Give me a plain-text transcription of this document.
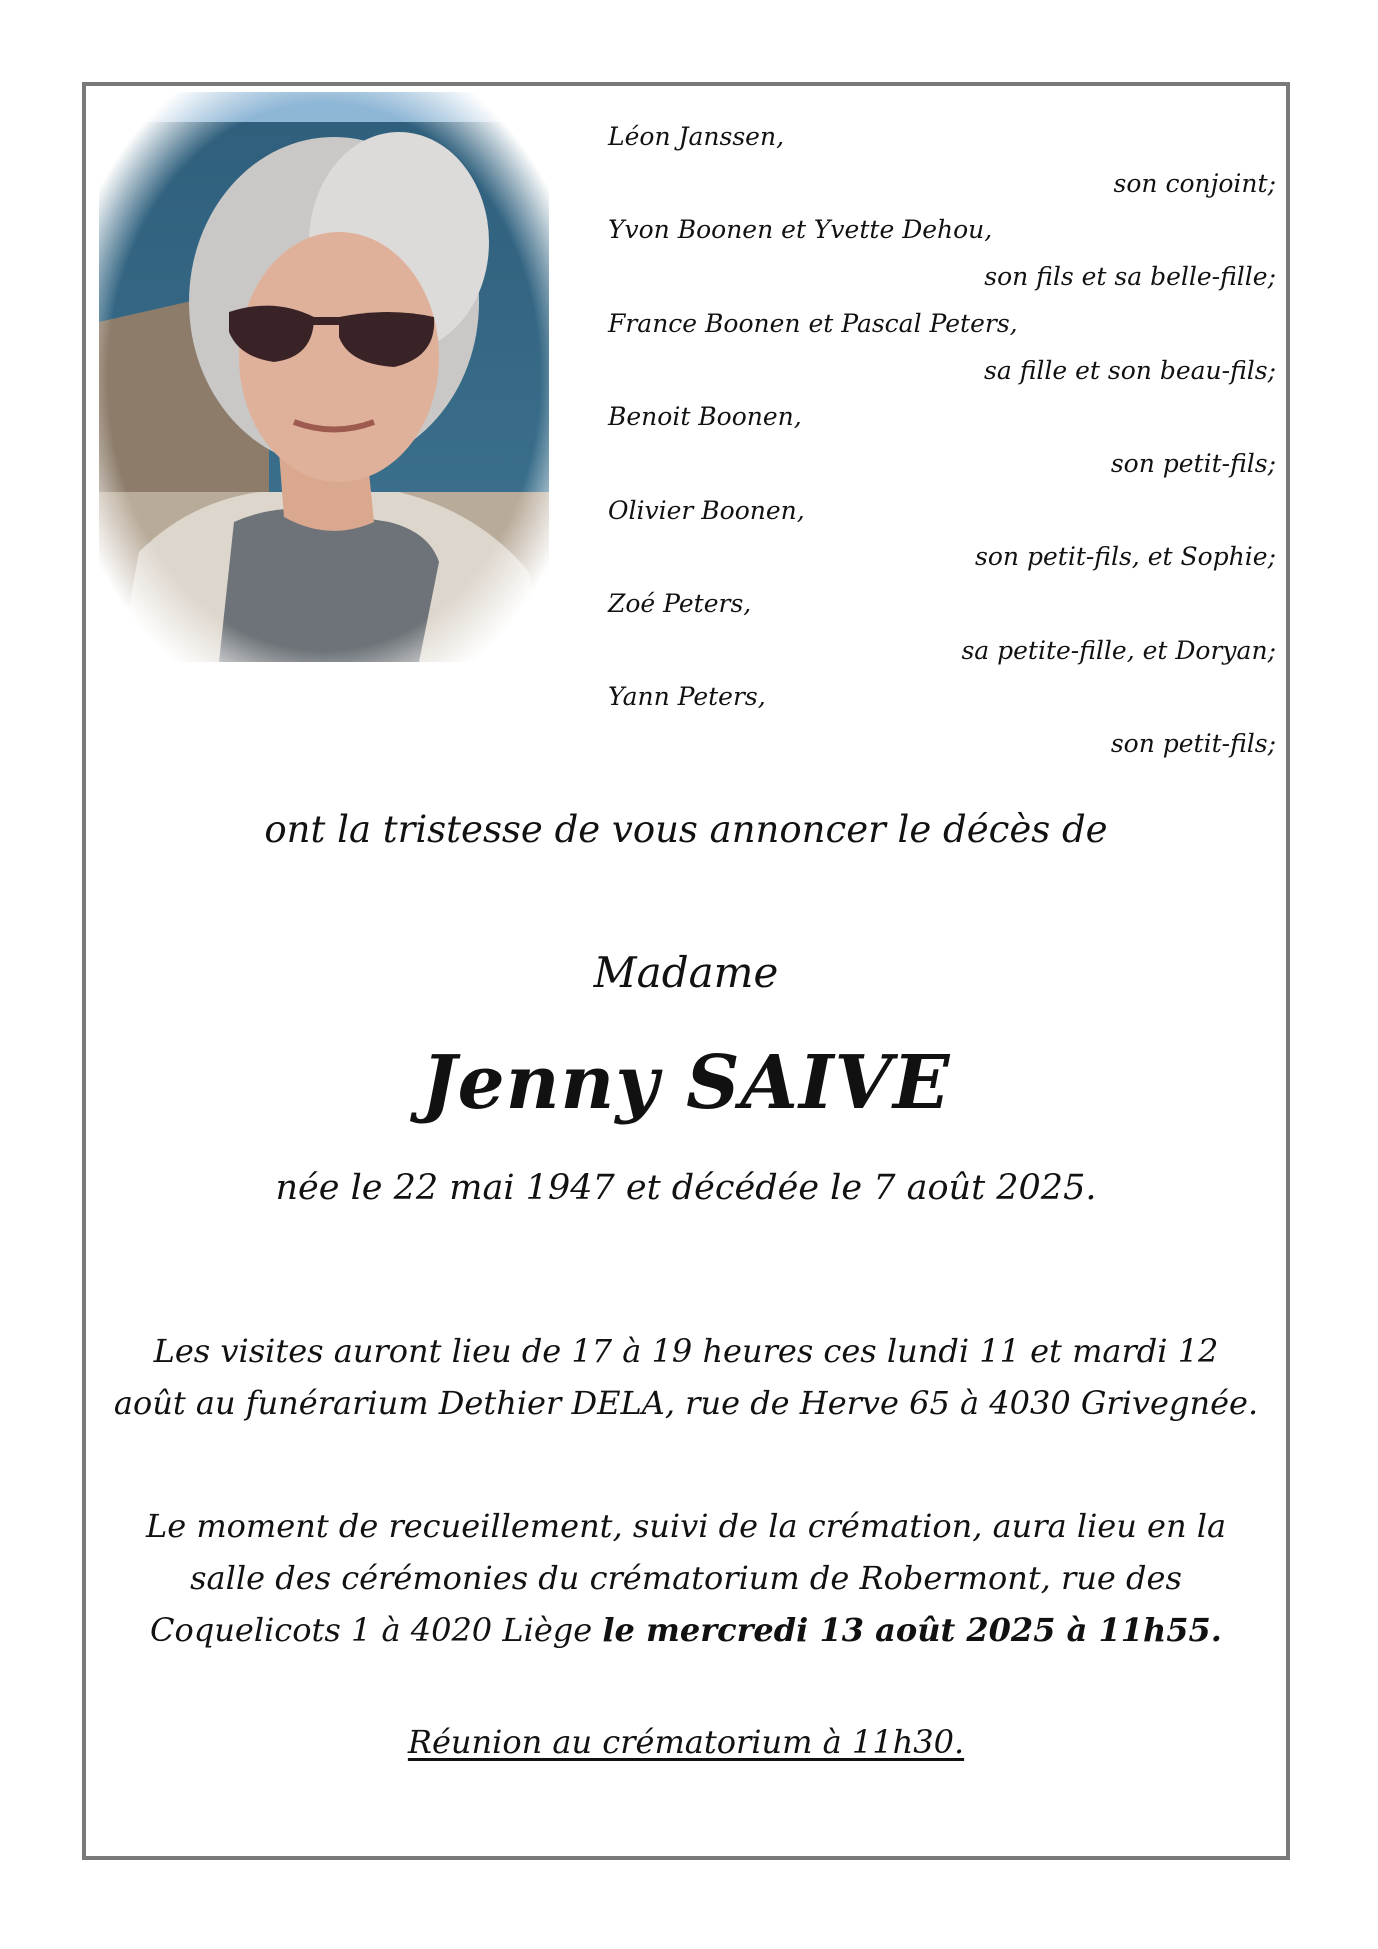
Léon Janssen,

son conjoint;

Yvon Boonen et Yvette Dehou,

son fils et sa belle-fille;

France Boonen et Pascal Peters,

sa fille et son beau-fils;

Benoit Boonen,

son petit-fils;

Olivier Boonen,

son petit-fils, et Sophie;

Zoé Peters,

sa petite-fille, et Doryan;

Yann Peters,

son petit-fils;

ont la tristesse de vous annoncer le décès de
Madame
Jenny SAIVE
née le 22 mai 1947 et décédée le 7 août 2025.
Les visites auront lieu de 17 à 19 heures ces lundi 11 et mardi 12
août au funérarium Dethier DELA, rue de Herve 65 à 4030 Grivegnée.
Le moment de recueillement, suivi de la crémation, aura lieu en la
salle des cérémonies du crématorium de Robermont, rue des
Coquelicots 1 à 4020 Liège le mercredi 13 août 2025 à 11h55.
Réunion au crématorium à 11h30.
